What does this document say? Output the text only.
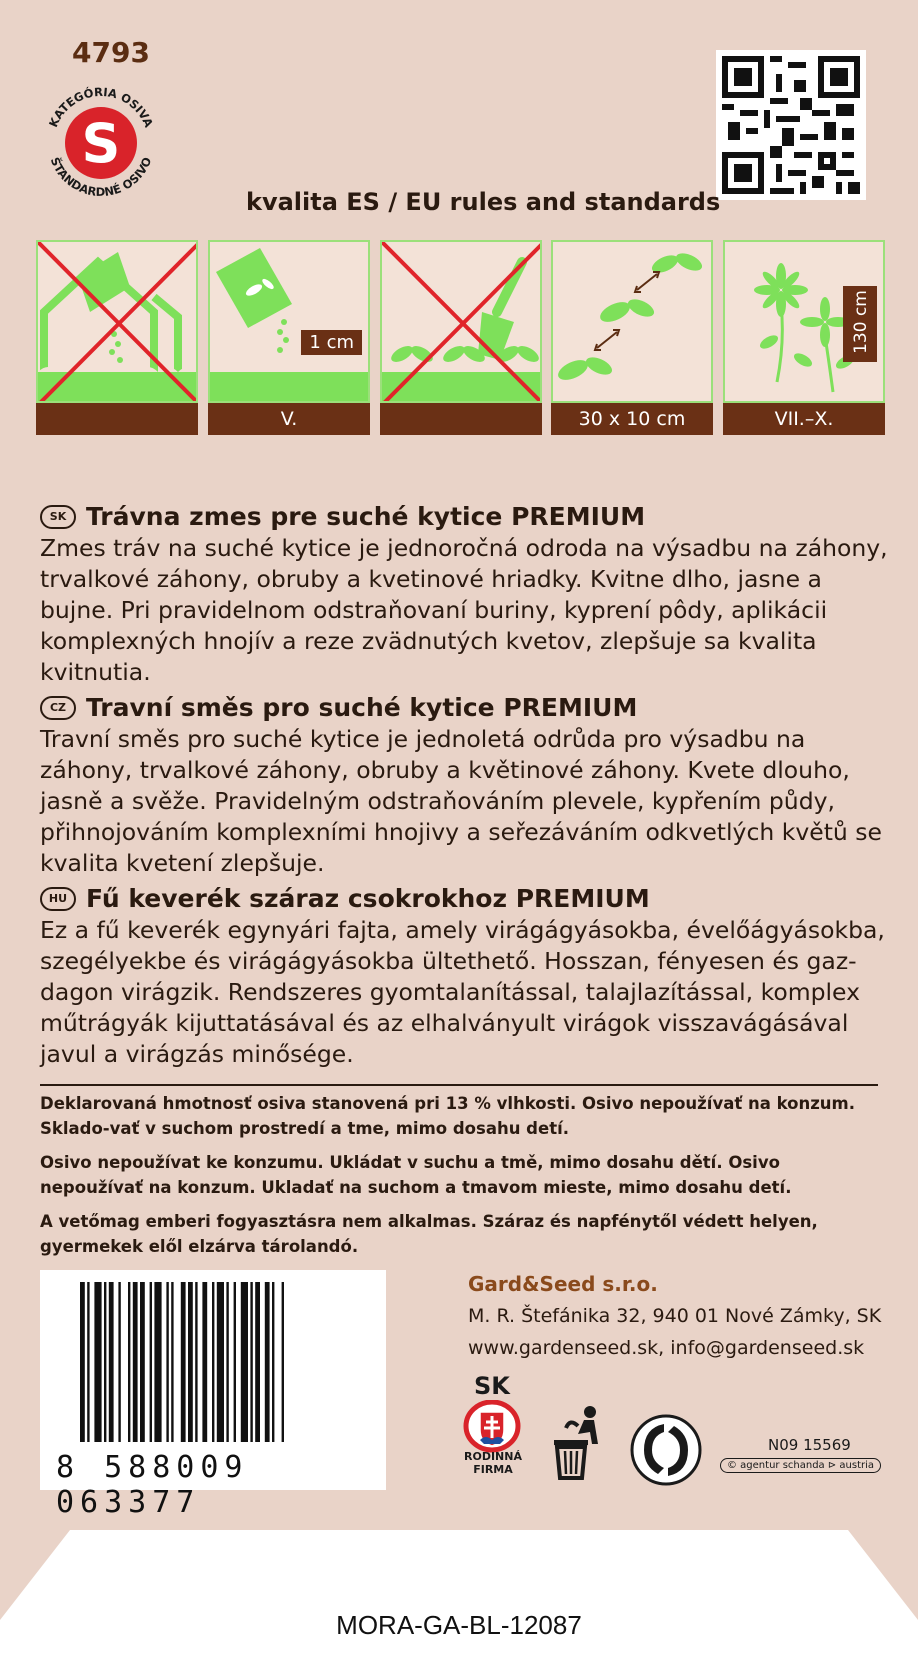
4793
S
KATEGÓRIA OSIVA
ŠTANDARDNÉ OSIVO
kvalita ES / EU rules and standards
1 cm
V.	30 x 10 cm
130 cm
VII.–X.
SK Trávna zmes pre suché kytice PREMIUM
Zmes tráv na suché kytice je jednoročná odroda na výsadbu na záhony, trvalkové záhony, obruby a kvetinové hriadky. Kvitne dlho, jasne a bujne. Pri pravidelnom odstraňovaní buriny, kyprení pôdy, aplikácii komplexných hnojív a reze zvädnutých kvetov, zlepšuje sa kvalita kvitnutia.
CZ Travní směs pro suché kytice PREMIUM
Travní směs pro suché kytice je jednoletá odrůda pro výsadbu na záhony, trvalkové záhony, obruby a květinové záhony. Kvete dlouho, jasně a svěže. Pravidelným odstraňováním plevele, kypřením půdy, přihnojováním komplexními hnojivy a seřezáváním odkvetlých květů se kvalita kvetení zlepšuje.
HU Fű keverék száraz csokrokhoz PREMIUM
Ez a fű keverék egynyári fajta, amely virágágyásokba, évelőágyásokba, szegélyekbe és virágágyásokba ültethető. Hosszan, fényesen és gaz-dagon virágzik. Rendszeres gyomtalanítással, talajlazítással, komplex műtrágyák kijuttatásával és az elhalványult virágok visszavágásával javul a virágzás minősége.
Deklarovaná hmotnosť osiva stanovená pri 13 % vlhkosti. Osivo nepoužívať na konzum. Sklado-vať v suchom prostredí a tme, mimo dosahu detí.
Osivo nepoužívat ke konzumu. Ukládat v suchu a tmě, mimo dosahu dětí. Osivo nepoužívať na konzum. Ukladať na suchom a tmavom mieste, mimo dosahu detí.
A vetőmag emberi fogyasztásra nem alkalmas. Száraz és napfénytől védett helyen, gyermekek elől elzárva tárolandó.
8 588009 063377
Gard&Seed s.r.o.
M. R. Štefánika 32, 940 01 Nové Zámky, SK
www.gardenseed.sk, info@gardenseed.sk
SK
RODINNÁ
FIRMA
N09 15569
© agentur schanda ⊳ austria
MORA-GA-BL-12087
